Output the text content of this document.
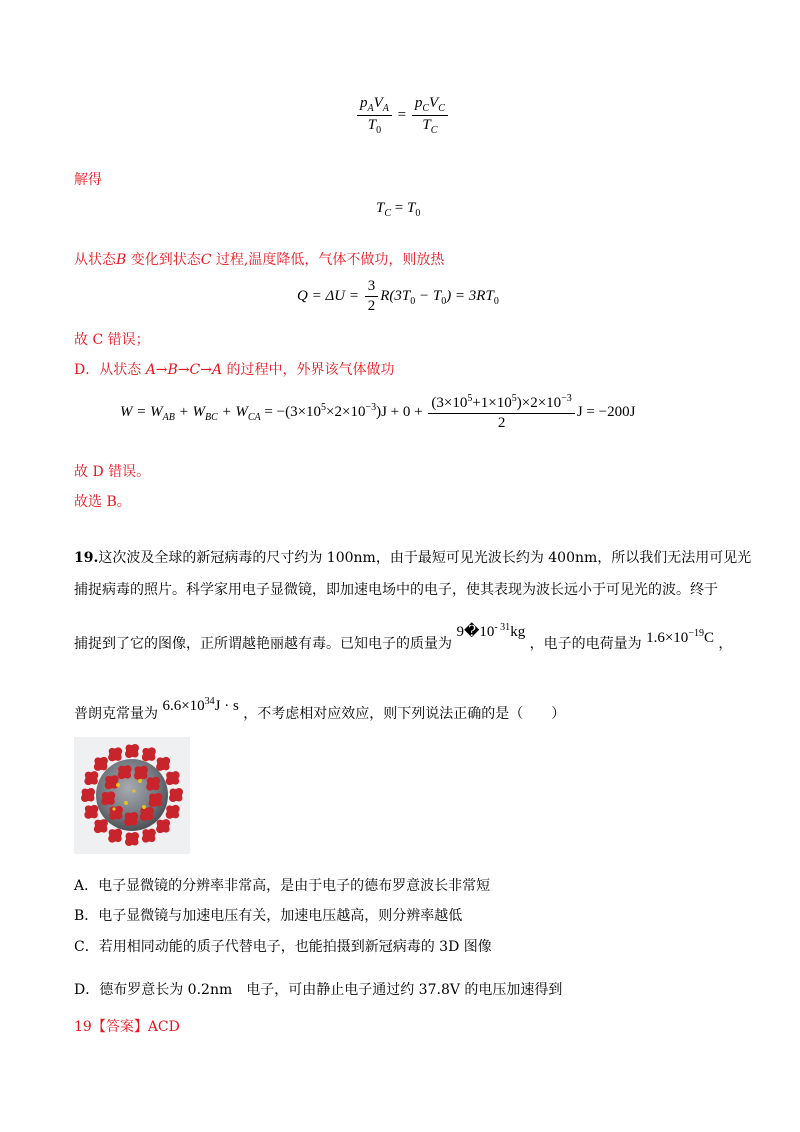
$\frac{p_AV_A}{T_0} = \frac{p_CV_C}{T_C}$
解得
$T_C = T_0$
从状态B 变化到状态C 过程,温度降低，气体不做功，则放热
$Q = \Delta U = \frac{3}{2} R(3T_0 - T_0) = 3RT_0$
故 C 错误；
D．从状态 A→B→C→A 的过程中，外界该气体做功
$W = W_{AB} + W_{BC} + W_{CA} = -(3\times 10^5\times 2\times 10^{-3})J + 0 + \frac{(3\times 10^5+1\times 10^5)\times 2\times 10^{-3}}{2}$ J = −200J
故 D 错误。
故选 B。
19.这次波及全球的新冠病毒的尺寸约为 100nm，由于最短可见光波长约为 400nm，所以我们无法用可见光
捕捉病毒的照片。科学家用电子显微镜，即加速电场中的电子，使其表现为波长远小于可见光的波。终于
捕捉到了它的图像，正所谓越艳丽越有毒。已知电子的质量为 $9�10^{- 31}kg$ ，电子的电荷量为 $1.6\times 10^{-19}C$ ，
普朗克常量为 $6.6\times 10^{34}J \cdot s$ ，不考虑相对应效应，则下列说法正确的是（　　）
A．电子显微镜的分辨率非常高，是由于电子的德布罗意波长非常短
B．电子显微镜与加速电压有关，加速电压越高，则分辨率越低
C．若用相同动能的质子代替电子，也能拍摄到新冠病毒的 3D 图像
D．德布罗意长为 0.2nm　电子，可由静止电子通过约 37.8V 的电压加速得到
19【答案】ACD
